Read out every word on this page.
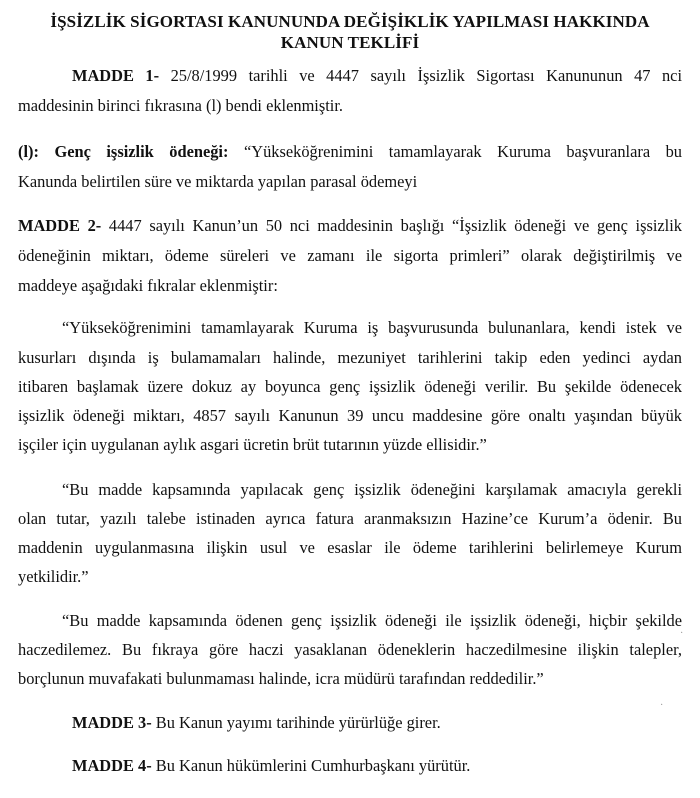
İŞSİZLİK SİGORTASI KANUNUNDA DEĞİŞİKLİK YAPILMASI HAKKINDA
KANUN TEKLİFİ
MADDE 1- 25/8/1999 tarihli ve 4447 sayılı İşsizlik Sigortası Kanununun 47 nci
maddesinin birinci fıkrasına (l) bendi eklenmiştir.
(l): Genç işsizlik ödeneği: “Yükseköğrenimini tamamlayarak Kuruma başvuranlara bu
Kanunda belirtilen süre ve miktarda yapılan parasal ödemeyi
MADDE 2- 4447 sayılı Kanun’un 50 nci maddesinin başlığı “İşsizlik ödeneği ve genç işsizlik
ödeneğinin miktarı, ödeme süreleri ve zamanı ile sigorta primleri” olarak değiştirilmiş ve
maddeye aşağıdaki fıkralar eklenmiştir:
“Yükseköğrenimini tamamlayarak Kuruma iş başvurusunda bulunanlara, kendi istek ve
kusurları dışında iş bulamamaları halinde, mezuniyet tarihlerini takip eden yedinci aydan
itibaren başlamak üzere dokuz ay boyunca genç işsizlik ödeneği verilir. Bu şekilde ödenecek
işsizlik ödeneği miktarı, 4857 sayılı Kanunun 39 uncu maddesine göre onaltı yaşından büyük
işçiler için uygulanan aylık asgari ücretin brüt tutarının yüzde ellisidir.”
“Bu madde kapsamında yapılacak genç işsizlik ödeneğini karşılamak amacıyla gerekli
olan tutar, yazılı talebe istinaden ayrıca fatura aranmaksızın Hazine’ce Kurum’a ödenir. Bu
maddenin uygulanmasına ilişkin usul ve esaslar ile ödeme tarihlerini belirlemeye Kurum
yetkilidir.”
“Bu madde kapsamında ödenen genç işsizlik ödeneği ile işsizlik ödeneği, hiçbir şekilde
haczedilemez. Bu fıkraya göre haczi yasaklanan ödeneklerin haczedilmesine ilişkin talepler,
borçlunun muvafakati bulunmaması halinde, icra müdürü tarafından reddedilir.”
MADDE 3- Bu Kanun yayımı tarihinde yürürlüğe girer.
MADDE 4- Bu Kanun hükümlerini Cumhurbaşkanı yürütür.
·
·
